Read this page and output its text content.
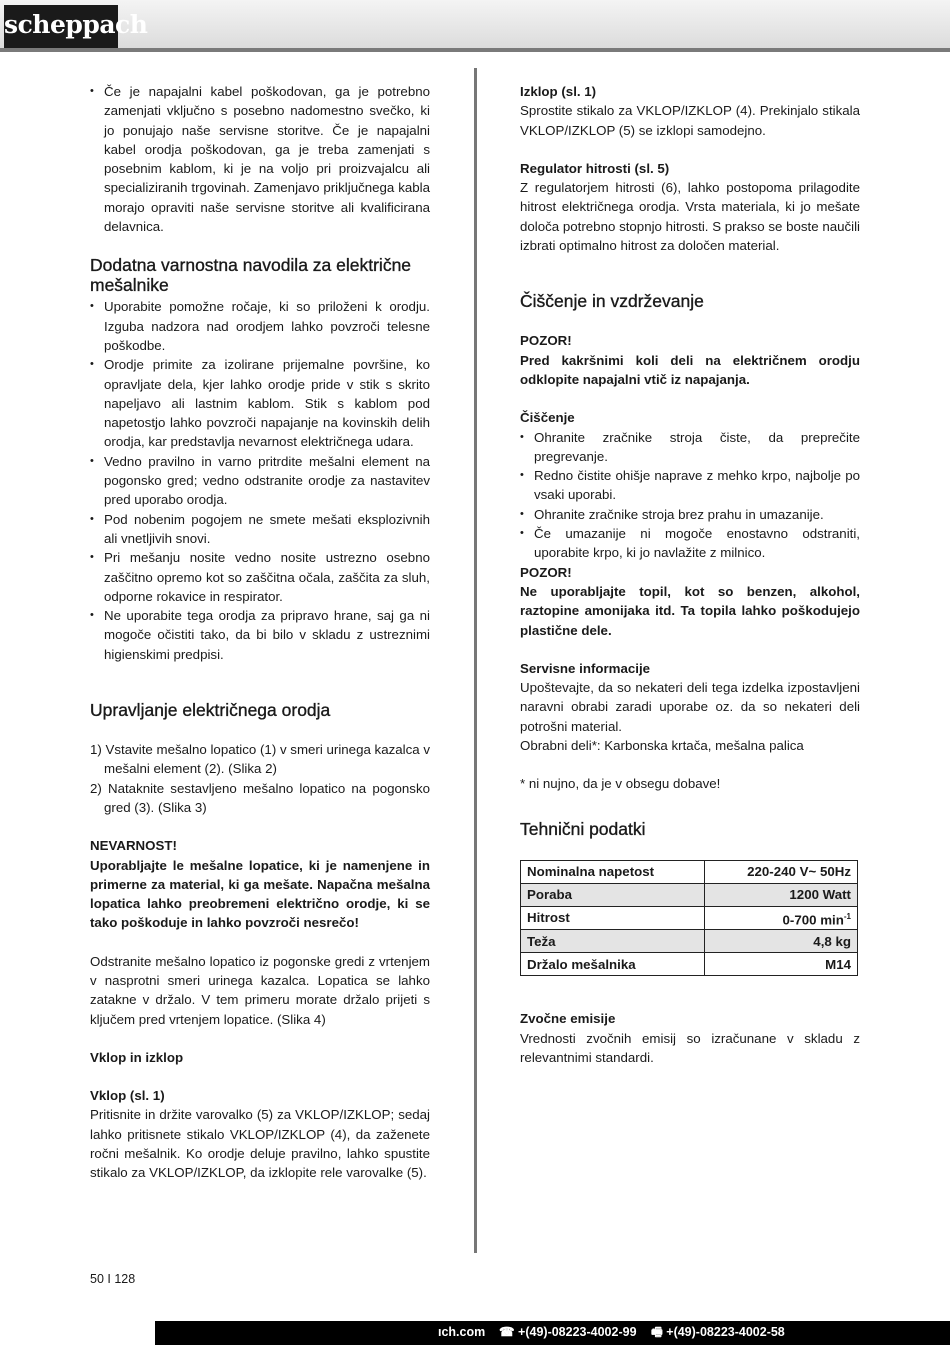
scheppach
• Če je napajalni kabel poškodovan, ga je potrebno zamenjati vključno s posebno nadomestno svečko, ki jo ponujajo naše servisne storitve. Če je napajalni kabel orodja poškodovan, ga je treba zamenjati s posebnim kablom, ki je na voljo pri proizvajalcu ali specializiranih trgovinah. Zamenjavo priključnega kabla morajo opraviti naše servisne storitve ali kvalificirana delavnica.
Dodatna varnostna navodila za električne mešalnike
• Uporabite pomožne ročaje, ki so priloženi k orodju. Izguba nadzora nad orodjem lahko povzroči telesne poškodbe.
• Orodje primite za izolirane prijemalne površine, ko opravljate dela, kjer lahko orodje pride v stik s skrito napeljavo ali lastnim kablom. Stik s kablom pod napetostjo lahko povzroči napajanje na kovinskih delih orodja, kar predstavlja nevarnost električnega udara.
• Vedno pravilno in varno pritrdite mešalni element na pogonsko gred; vedno odstranite orodje za nastavitev pred uporabo orodja.
• Pod nobenim pogojem ne smete mešati eksplozivnih ali vnetljivih snovi.
• Pri mešanju nosite vedno nosite ustrezno osebno zaščitno opremo kot so zaščitna očala, zaščita za sluh, odporne rokavice in respirator.
• Ne uporabite tega orodja za pripravo hrane, saj ga ni mogoče očistiti tako, da bi bilo v skladu z ustreznimi higienskimi predpisi.
Upravljanje električnega orodja
1) Vstavite mešalno lopatico (1) v smeri urinega kazalca v mešalni element (2). (Slika 2)
2) Nataknite sestavljeno mešalno lopatico na pogonsko gred (3). (Slika 3)

NEVARNOST!

Uporabljajte le mešalne lopatice, ki je namenjene in primerne za material, ki ga mešate. Napačna mešalna lopatica lahko preobremeni električno orodje, ki se tako poškoduje in lahko povzroči nesrečo!

Odstranite mešalno lopatico iz pogonske gredi z vrtenjem v nasprotni smeri urinega kazalca. Lopatica se lahko zatakne v držalo. V tem primeru morate držalo prijeti s ključem pred vrtenjem lopatice. (Slika 4)

Vklop in izklop

Vklop (sl. 1)

Pritisnite in držite varovalko (5) za VKLOP/IZKLOP; sedaj lahko pritisnete stikalo VKLOP/IZKLOP (4), da zaženete ročni mešalnik. Ko orodje deluje pravilno, lahko spustite stikalo za VKLOP/IZKLOP, da izklopite rele varovalke (5).

Izklop (sl. 1)

Sprostite stikalo za VKLOP/IZKLOP (4). Prekinjalo stikala VKLOP/IZKLOP (5) se izklopi samodejno.

Regulator hitrosti (sl. 5)

Z regulatorjem hitrosti (6), lahko postopoma prilagodite hitrost električnega orodja. Vrsta materiala, ki jo mešate določa potrebno stopnjo hitrosti. S prakso se boste naučili izbrati optimalno hitrost za določen material.

Čiščenje in vzdrževanje

POZOR!

Pred kakršnimi koli deli na električnem orodju odklopite napajalni vtič iz napajanja.

Čiščenje

• Ohranite zračnike stroja čiste, da preprečite pregrevanje.
• Redno čistite ohišje naprave z mehko krpo, najbolje po vsaki uporabi.
• Ohranite zračnike stroja brez prahu in umazanije.
• Če umazanije ni mogoče enostavno odstraniti, uporabite krpo, ki jo navlažite z milnico.

POZOR!

Ne uporabljajte topil, kot so benzen, alkohol, raztopine amonijaka itd. Ta topila lahko poškodujejo plastične dele.

Servisne informacije

Upoštevajte, da so nekateri deli tega izdelka izpostavljeni naravni obrabi zaradi uporabe oz. da so nekateri deli potrošni material.

Obrabni deli*: Karbonska krtača, mešalna palica

* ni nujno, da je v obsegu dobave!

Tehnični podatki
Nominalna napetost	220-240 V~ 50Hz
Poraba	1200 Watt
Hitrost	0-700 $\min^{-1}$
Teža	4,8 kg
Držalo mešalnika	M14

Zvočne emisije

Vrednosti zvočnih emisij so izračunane v skladu z relevantnimi standardi.

50 I 128
ıch.com ☎ +(49)-08223-4002-99 🖷 +(49)-08223-4002-58
